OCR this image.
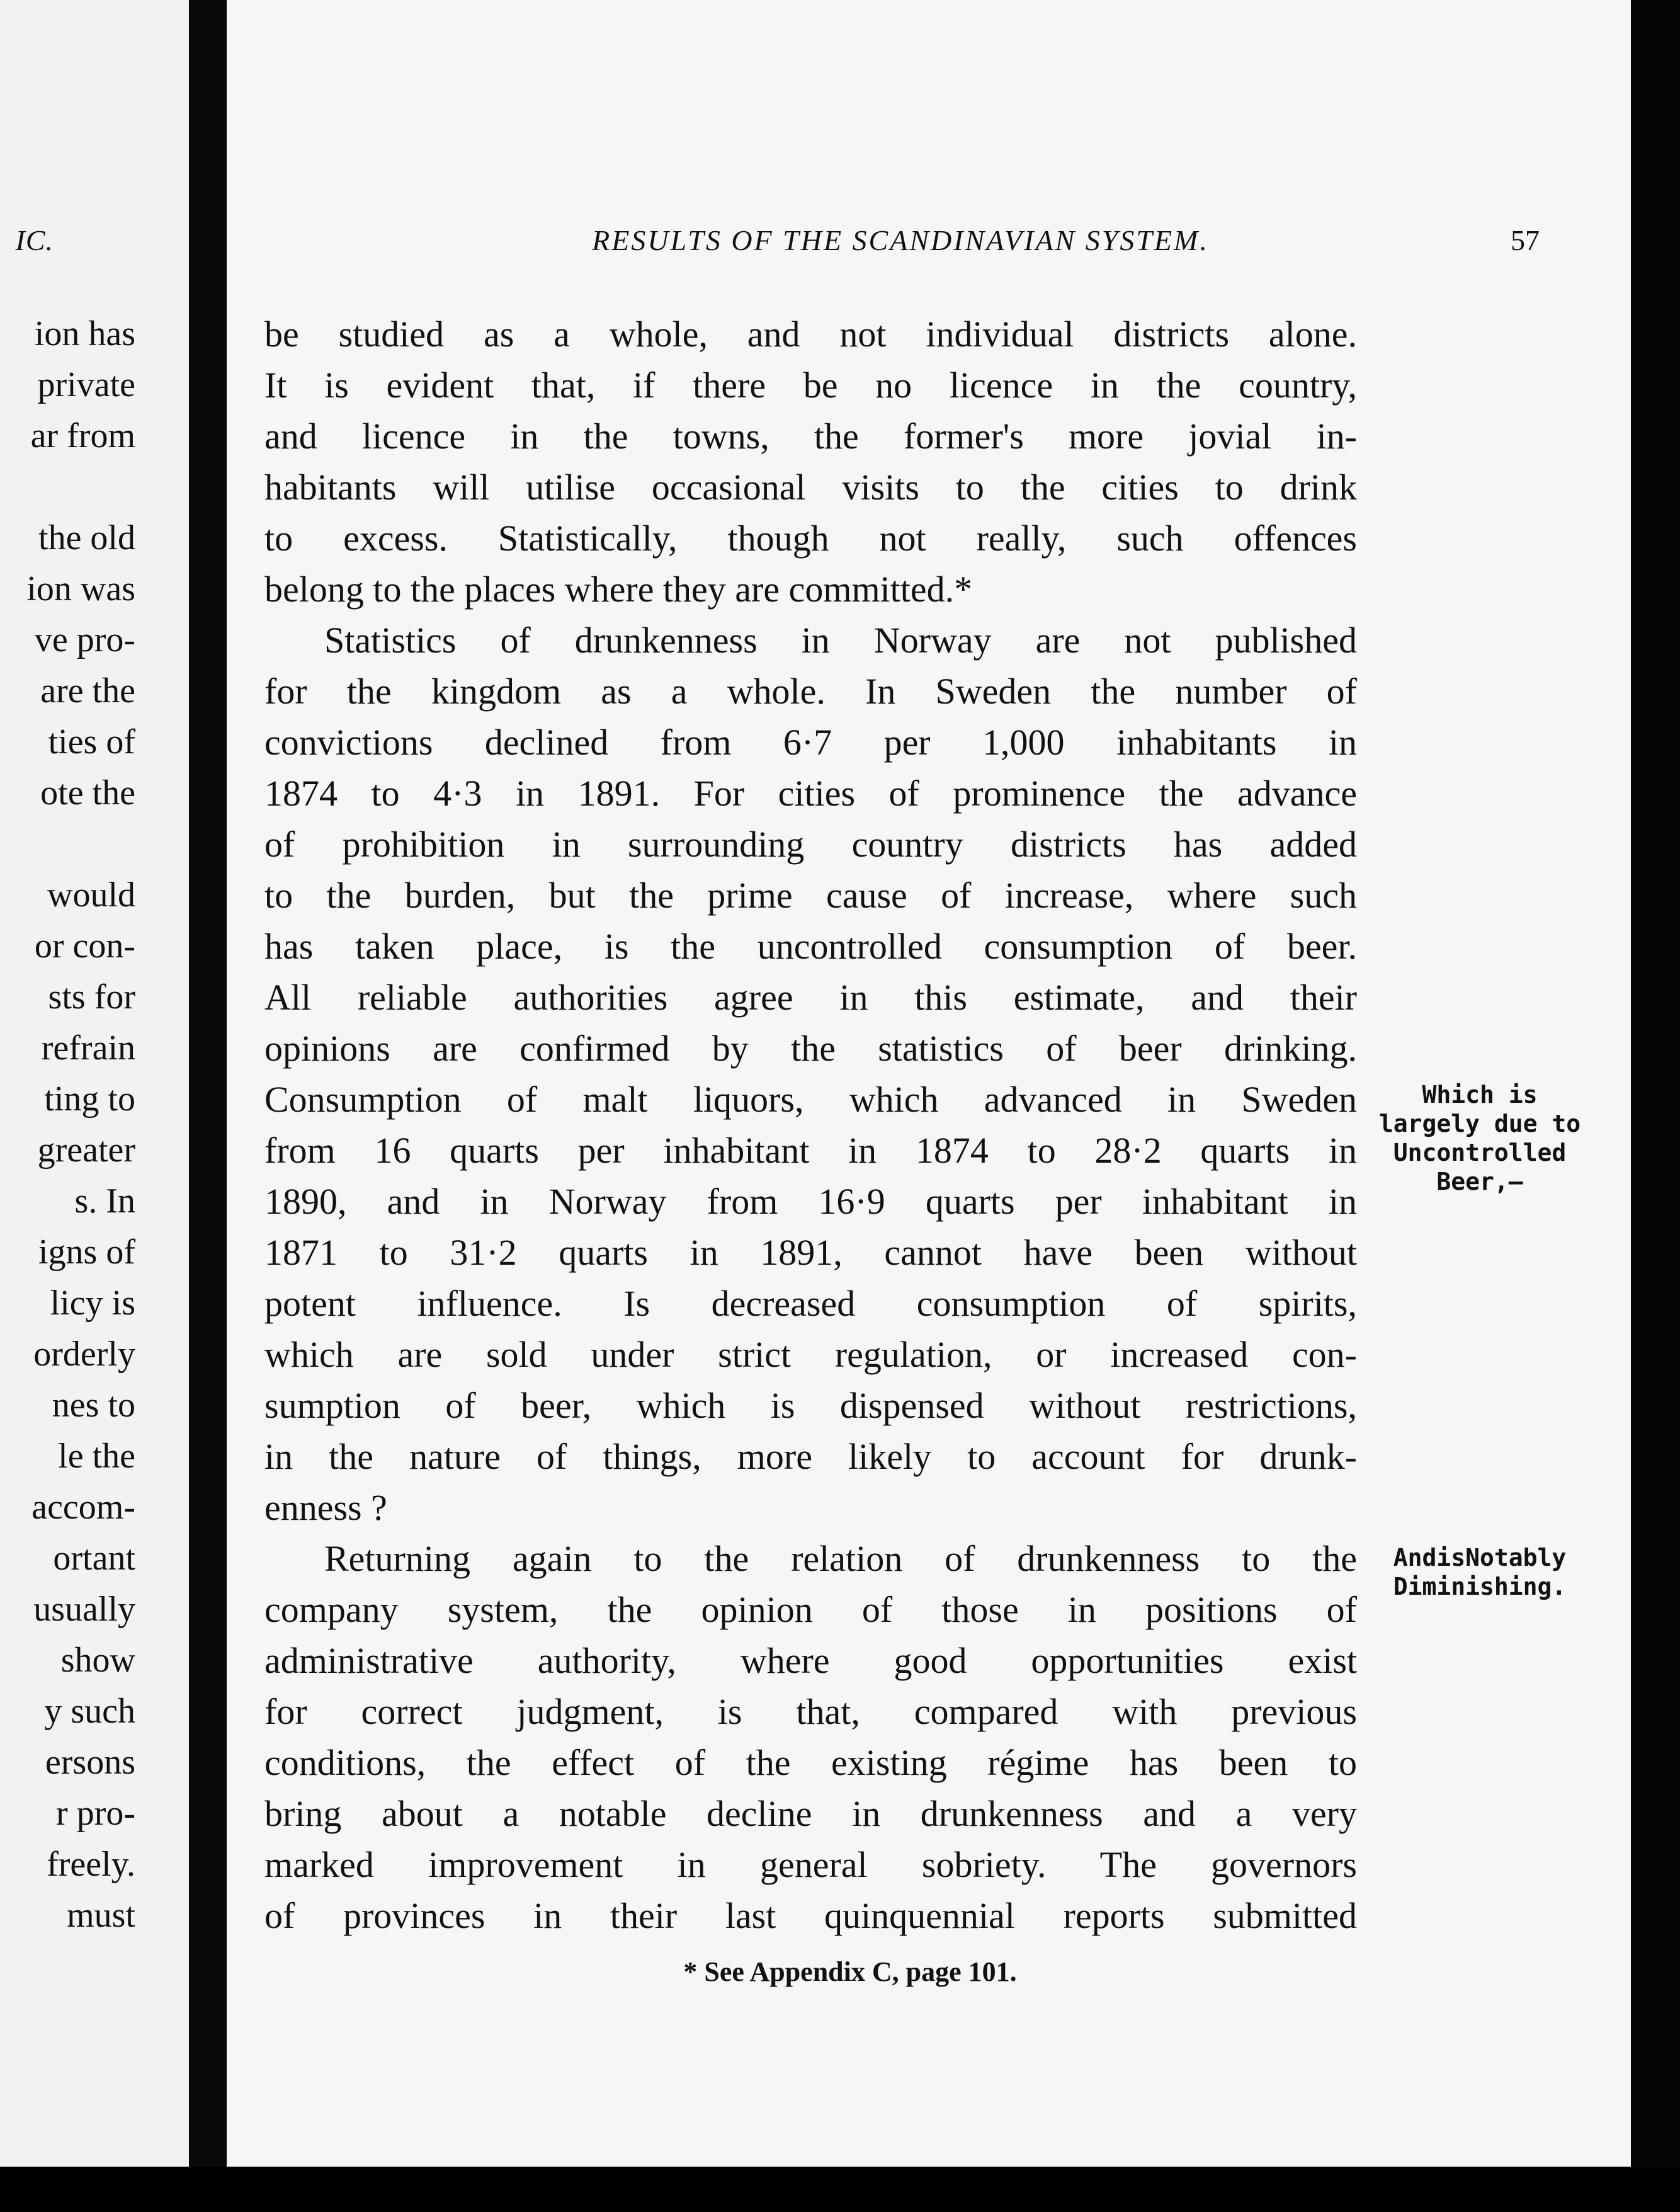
IC.
ion has
private
ar from
the old
ion was
ve pro-
are the
ties of
ote the
would
or con-
sts for
refrain
ting to
greater
s. In
igns of
licy is
orderly
nes to
le the
accom-
ortant
usually
show
y such
ersons
r pro-
freely.
must
RESULTS OF THE SCANDINAVIAN SYSTEM.	57
be studied as a whole, and not individual districts alone.
It is evident that, if there be no licence in the country,
and licence in the towns, the former's more jovial in-
habitants will utilise occasional visits to the cities to drink
to excess. Statistically, though not really, such offences
belong to the places where they are committed.*
Statistics of drunkenness in Norway are not published
for the kingdom as a whole. In Sweden the number of
convictions declined from 6·7 per 1,000 inhabitants in
1874 to 4·3 in 1891. For cities of prominence the advance
of prohibition in surrounding country districts has added
to the burden, but the prime cause of increase, where such
has taken place, is the uncontrolled consumption of beer.
All reliable authorities agree in this estimate, and their
opinions are confirmed by the statistics of beer drinking.
Consumption of malt liquors, which advanced in Sweden
from 16 quarts per inhabitant in 1874 to 28·2 quarts in
1890, and in Norway from 16·9 quarts per inhabitant in
1871 to 31·2 quarts in 1891, cannot have been without
potent influence. Is decreased consumption of spirits,
which are sold under strict regulation, or increased con-
sumption of beer, which is dispensed without restrictions,
in the nature of things, more likely to account for drunk-
enness ?
Returning again to the relation of drunkenness to the
company system, the opinion of those in positions of
administrative authority, where good opportunities exist
for correct judgment, is that, compared with previous
conditions, the effect of the existing régime has been to
bring about a notable decline in drunkenness and a very
marked improvement in general sobriety. The governors
of provinces in their last quinquennial reports submitted
Which is
largely due to
Uncontrolled
Beer,—
AndisNotably
Diminishing.
* See Appendix C, page 101.
